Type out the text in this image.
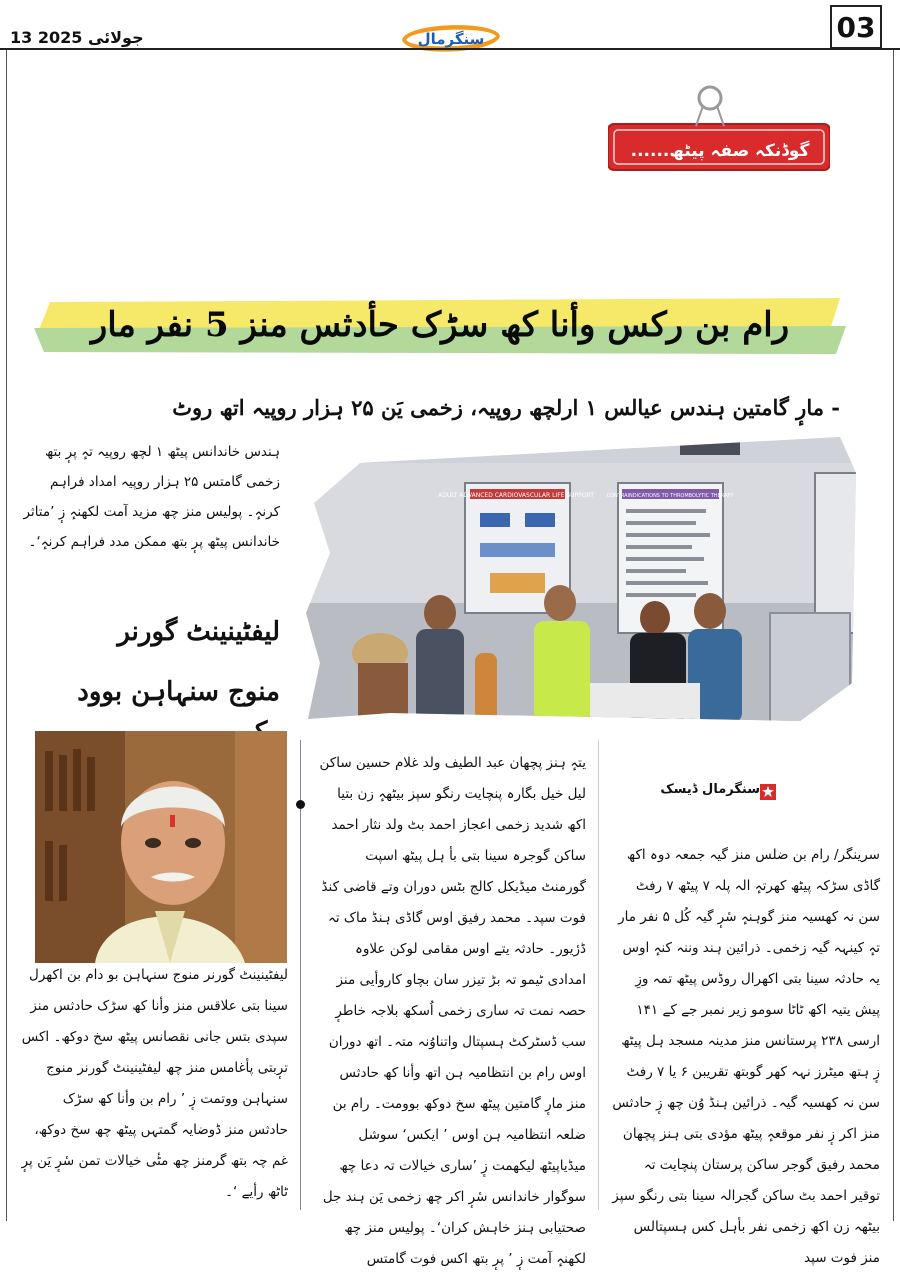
13 جولائی 2025	سنگرمال	03
گوڈنکہ صفہ پیٹھ......
رام بن رکس وأنا کھ سڑک حأدثس منز 5 نفر مار
- مارٕ گامتین ہندس عیالس ۱ ارلچھ روپیہ، زخمی یَن ۲۵ ہزار روپیہ اتھ روٹ
ہندس خاندانس پیٹھ ۱ لچھ روپیہ تہٕ پرٕ بتھ زخمی گامتس ۲۵ ہزار روپیہ امداد فراہم کرنہٕ۔ پولیس منز چھ مزید آمت لکھنہٕ زٕ ’متاثر خاندانس پیٹھ پرٕ بتھ ممکن مدد فراہم کرنہٕ‘۔
لیفٹینینٹ گورنر
منوج سنہاہن بوود
ADULT ADVANCED CARDIOVASCULAR LIFE SUPPORT	CONTRAINDICATIONS TO THROMBOLYTIC THERAPY
سنگرمال ڈیسک
لیفٹینینٹ گورنر منوج سنہاہن بو دام بن اکھرل سینا بتی علاقس منز وأنا کھ سڑک حادثس منز سپدی بتس جانی نقصانس پیٹھ سخ دوکھ۔ اکس ترٕبتی پأغامس منز چھ لیفٹینینٹ گورنر منوج سنہاہن ووتمت زٕ ’ رام بن وأنا کھ سڑک حادثس منز ڈوضایہ گمتہں پیٹھ چھ سخ دوکھ، غم چہ بتھ گرمنز چھ مٹٔی خیالات تمن سٔرٕ یَن پرٕ ٹاٹھ رأیے ‘۔
یتہٕ ہنز پچھان عبد الطیف ولد غلام حسین ساکن لیل خیل بگارہ پنچایت رنگو سپز بیٹھہٕ زن بتیا اکھ شدید زخمی اعجاز احمد بٹ ولد نثار احمد ساکن گوجرہ سینا بتی بأ ہل پیٹھ اسپت گورمنٹ میڈیکل کالج بٹس دوران وتے قاضی کنڈ فوت سپد۔ محمد رفیق اوس گاڈی ہنڈ ماک تہ ڈرٔیور۔ حادثہ یتے اوس مقامی لوکن علاوہ امدادی ٹیمو تہ بڑ تیزر سان بچاو کاروأیی منز حصہ نمت تہ ساری زخمی اُسکھ بلاجہ خاطرٕ سب ڈسٹرکٹ ہسپتال واتناوُنہ متہ۔ اتھ دوران اوس رام بن انتظامیہ ہن اتھ وأنا کھ حادثس منز مارٕ گامتین پیٹھ سخ دوکھ بوومت۔ رام بن ضلعہ انتظامیہ ہن اوس ’ ایکس‘ سوشل میڈیاپیٹھ لیکھمت زٕ ’ساری خیالات تہ دعا چھ سوگوار خاندانس سٔرٕ اکر چھ زخمی یَن ہند جل صحتیابی ہنز خاہش کران‘۔ پولیس منز چھ لکھنہٕ آمت زٕ ’ پرٕ بتھ اکس فوت گامتس
سرینگر/ رام بن ضلس منز گیہ جمعہ دوہ اکھ گاڈی سڑکہ پیٹھ کھرتہٕ الہ پلہ ۷ پیٹھ ۷ رفٹ سن نہ کھسیہ منز گوہنہٕ سٔرٕ گیہ کُل ۵ نفر مار تہٕ کینہہ گیہ زخمی۔ ذرائین ہند وننہ کنہٕ اوس یہ حادثہ سینا بتی اکھرال روڈس پیٹھ تمہ وزِ پیش یتیہ اکھ ٹاٹا سومو زیر نمبر جے کے ۱۴۱ ارسی ۲۳۸ پرستانس منز مدینہ مسجد ہل پیٹھ زٕ ہتھ میٹرز نہہ کھر گوبتھ تقریبن ۶ یا ۷ رفٹ سن نہ کھسیہ گیہ۔ ذرائین ہنڈ وُن چھ زٕ حادثس منز اکر زٕ نفر موقعہٕ پیٹھ مؤدی بتی ہنز پچھان محمد رفیق گوجر ساکن پرستان پنچایت تہ توقیر احمد بٹ ساکن گجرالہ سینا بتی رنگو سپز بیٹھہ زن اکھ زخمی نفر بأہل کس ہسپتالس منز فوت سپد
